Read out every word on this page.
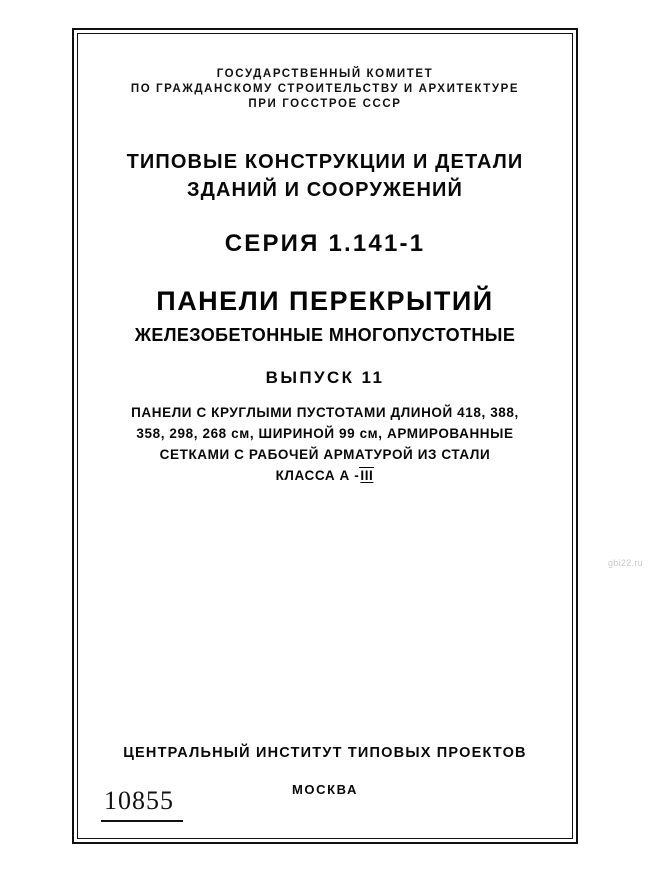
ГОСУДАРСТВЕННЫЙ КОМИТЕТ
ПО ГРАЖДАНСКОМУ СТРОИТЕЛЬСТВУ И АРХИТЕКТУРЕ
ПРИ ГОССТРОЕ СССР
ТИПОВЫЕ КОНСТРУКЦИИ И ДЕТАЛИ
ЗДАНИЙ И СООРУЖЕНИЙ
СЕРИЯ 1.141-1
ПАНЕЛИ ПЕРЕКРЫТИЙ
ЖЕЛЕЗОБЕТОННЫЕ МНОГОПУСТОТНЫЕ
ВЫПУСК 11
ПАНЕЛИ С КРУГЛЫМИ ПУСТОТАМИ ДЛИНОЙ 418, 388,
358, 298, 268 см, ШИРИНОЙ 99 см, АРМИРОВАННЫЕ
СЕТКАМИ С РАБОЧЕЙ АРМАТУРОЙ ИЗ СТАЛИ
КЛАССА А -III
ЦЕНТРАЛЬНЫЙ ИНСТИТУТ ТИПОВЫХ ПРОЕКТОВ
МОСКВА
10855
gbi22.ru
